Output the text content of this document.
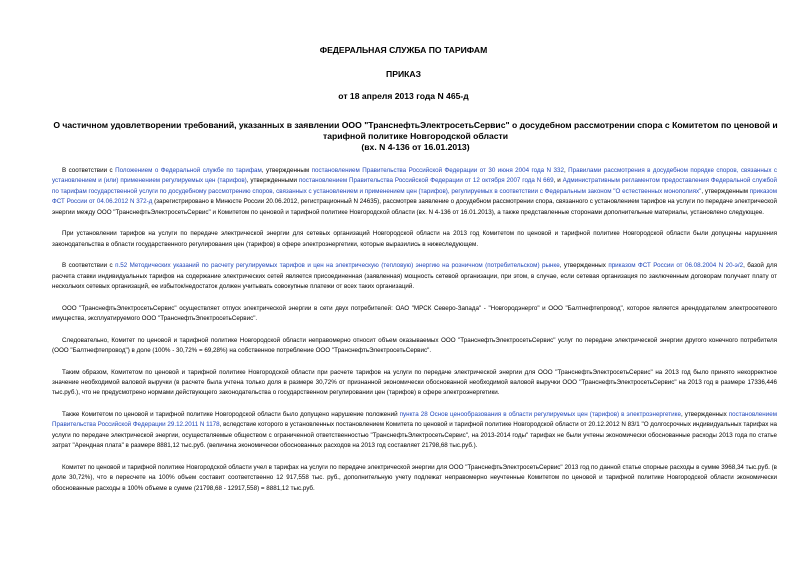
ФЕДЕРАЛЬНАЯ СЛУЖБА ПО ТАРИФАМ
ПРИКАЗ
от 18 апреля 2013 года N 465-д
О частичном удовлетворении требований, указанных в заявлении ООО "ТранснефтьЭлектросетьСервис" о досудебном рассмотрении спора с Комитетом по ценовой и тарифной политике Новгородской области
(вх. N 4-136 от 16.01.2013)

В соответствии с Положением о Федеральной службе по тарифам, утвержденным постановлением Правительства Российской Федерации от 30 июня 2004 года N 332, Правилами рассмотрения в досудебном порядке споров, связанных с установлением и (или) применением регулируемых цен (тарифов), утвержденными постановлением Правительства Российской Федерации от 12 октября 2007 года N 669, и Административным регламентом предоставления Федеральной службой по тарифам государственной услуги по досудебному рассмотрению споров, связанных с установлением и применением цен (тарифов), регулируемых в соответствии с Федеральным законом "О естественных монополиях", утвержденным приказом ФСТ России от 04.06.2012 N 372-д (зарегистрировано в Минюсте России 20.06.2012, регистрационный N 24635), рассмотрев заявление о досудебном рассмотрении спора, связанного с установлением тарифов на услуги по передаче электрической энергии между ООО "ТранснефтьЭлектросетьСервис" и Комитетом по ценовой и тарифной политике Новгородской области (вх. N 4-136 от 16.01.2013), а также представленные сторонами дополнительные материалы, установлено следующее.

При установлении тарифов на услуги по передаче электрической энергии для сетевых организаций Новгородской области на 2013 год Комитетом по ценовой и тарифной политике Новгородской области были допущены нарушения законодательства в области государственного регулирования цен (тарифов) в сфере электроэнергетики, которые выразились в нижеследующем.

В соответствии с п.52 Методических указаний по расчету регулируемых тарифов и цен на электрическую (тепловую) энергию на розничном (потребительском) рынке, утвержденных приказом ФСТ России от 06.08.2004 N 20-э/2, базой для расчета ставки индивидуальных тарифов на содержание электрических сетей является присоединенная (заявленная) мощность сетевой организации, при этом, в случае, если сетевая организация по заключенным договорам получает плату от нескольких сетевых организаций, ее избыток/недостаток должен учитывать совокупные платежи от всех таких организаций.

ООО "ТранснефтьЭлектросетьСервис" осуществляет отпуск электрической энергии в сети двух потребителей: ОАО "МРСК Северо-Запада" - "Новгородэнерго" и ООО "Балтнефтепровод", которое является арендодателем электросетевого имущества, эксплуатируемого ООО "ТранснефтьЭлектросетьСервис".

Следовательно, Комитет по ценовой и тарифной политике Новгородской области неправомерно относит объем оказываемых ООО "ТранснефтьЭлектросетьСервис" услуг по передаче электрической энергии другого конечного потребителя (ООО "Балтнефтепровод") в доле (100% - 30,72% = 69,28%) на собственное потребление ООО "ТранснефтьЭлектросетьСервис".

Таким образом, Комитетом по ценовой и тарифной политике Новгородской области при расчете тарифов на услуги по передаче электрической энергии для ООО "ТранснефтьЭлектросетьСервис" на 2013 год было принято некорректное значение необходимой валовой выручки (в расчете была учтена только доля в размере 30,72% от признанной экономически обоснованной необходимой валовой выручки ООО "ТранснефтьЭлектросетьСервис" на 2013 год в размере 17336,446 тыс.руб.), что не предусмотрено нормами действующего законодательства о государственном регулировании цен (тарифов) в сфере электроэнергетики.

Также Комитетом по ценовой и тарифной политике Новгородской области было допущено нарушение положений пункта 28 Основ ценообразования в области регулируемых цен (тарифов) в электроэнергетике, утвержденных постановлением Правительства Российской Федерации 29.12.2011 N 1178, вследствие которого в установленных постановлением Комитета по ценовой и тарифной политике Новгородской области от 20.12.2012 N 83/1 "О долгосрочных индивидуальных тарифах на услуги по передаче электрической энергии, осуществляемые обществом с ограниченной ответственностью "ТранснефтьЭлектросетьСервис", на 2013-2014 годы" тарифах не были учтены экономически обоснованные расходы 2013 года по статье затрат "Арендная плата" в размере 8881,12 тыс.руб. (величина экономически обоснованных расходов на 2013 год составляет 21798,68 тыс.руб.).

Комитет по ценовой и тарифной политике Новгородской области учел в тарифах на услуги по передаче электрической энергии для ООО "ТранснефтьЭлектросетьСервис" 2013 год по данной статье спорные расходы в сумме 3968,34 тыс.руб. (в доле 30,72%), что в пересчете на 100% объем составит соответственно 12 917,558 тыс. руб., дополнительную учету подлежат неправомерно неучтенные Комитетом по ценовой и тарифной политике Новгородской области экономически обоснованные расходы в 100% объеме в сумме (21798,68 - 12917,558) = 8881,12 тыс.руб.
